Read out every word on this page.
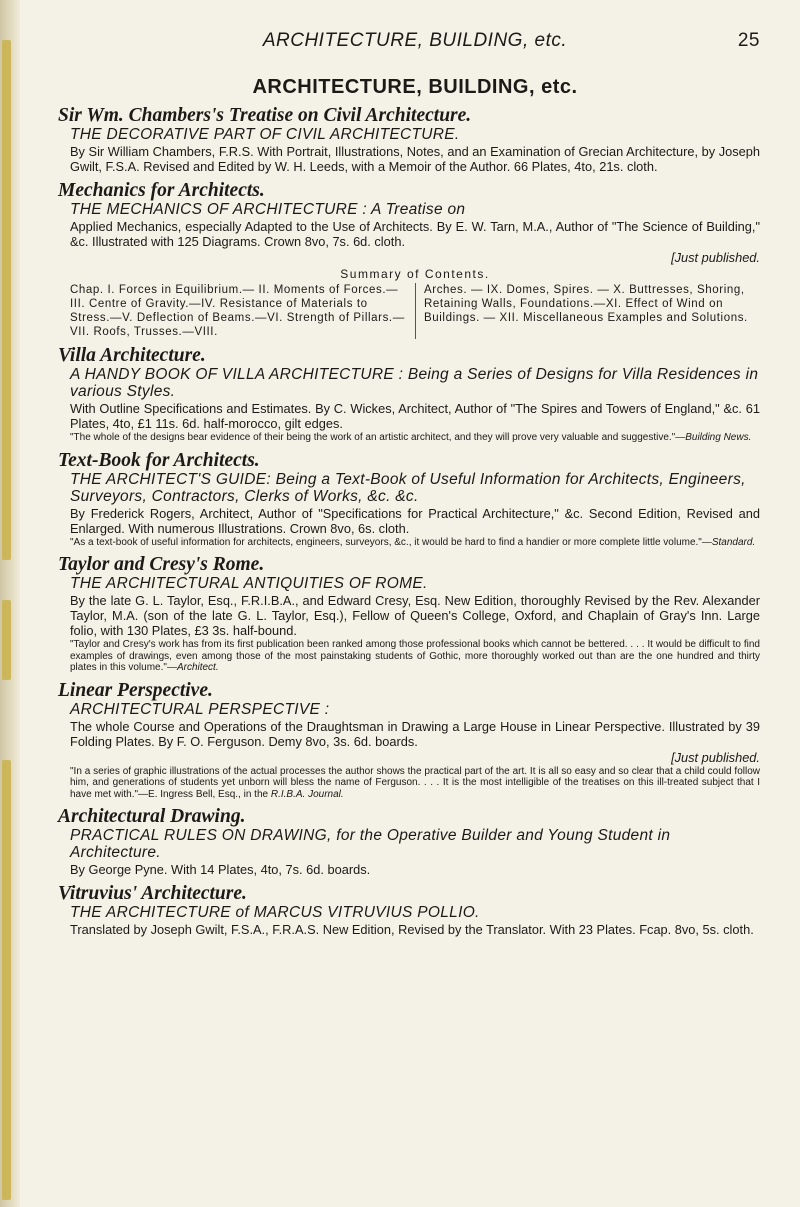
ARCHITECTURE, BUILDING, etc.	25
ARCHITECTURE, BUILDING, etc.
Sir Wm. Chambers's Treatise on Civil Architecture.
THE DECORATIVE PART OF CIVIL ARCHITECTURE.
By Sir William Chambers, F.R.S. With Portrait, Illustrations, Notes, and an Examination of Grecian Architecture, by Joseph Gwilt, F.S.A. Revised and Edited by W. H. Leeds, with a Memoir of the Author. 66 Plates, 4to, 21s. cloth.
Mechanics for Architects.
THE MECHANICS OF ARCHITECTURE : A Treatise on
Applied Mechanics, especially Adapted to the Use of Architects. By E. W. Tarn, M.A., Author of "The Science of Building," &c. Illustrated with 125 Diagrams. Crown 8vo, 7s. 6d. cloth.
[Just published.
Summary of Contents.
Chap. I. Forces in Equilibrium.— II. Moments of Forces.—III. Centre of Gravity.—IV. Resistance of Materials to Stress.—V. Deflection of Beams.—VI. Strength of Pillars.—VII. Roofs, Trusses.—VIII.
Arches. — IX. Domes, Spires. — X. Buttresses, Shoring, Retaining Walls, Foundations.—XI. Effect of Wind on Buildings. — XII. Miscellaneous Examples and Solutions.
Villa Architecture.
A HANDY BOOK OF VILLA ARCHITECTURE : Being a Series of Designs for Villa Residences in various Styles.
With Outline Specifications and Estimates. By C. Wickes, Architect, Author of "The Spires and Towers of England," &c. 61 Plates, 4to, £1 11s. 6d. half-morocco, gilt edges.
"The whole of the designs bear evidence of their being the work of an artistic architect, and they will prove very valuable and suggestive."—Building News.
Text-Book for Architects.
THE ARCHITECT'S GUIDE: Being a Text-Book of Useful Information for Architects, Engineers, Surveyors, Contractors, Clerks of Works, &c. &c.
By Frederick Rogers, Architect, Author of "Specifications for Practical Architecture," &c. Second Edition, Revised and Enlarged. With numerous Illustrations. Crown 8vo, 6s. cloth.
"As a text-book of useful information for architects, engineers, surveyors, &c., it would be hard to find a handier or more complete little volume."—Standard.
Taylor and Cresy's Rome.
THE ARCHITECTURAL ANTIQUITIES OF ROME.
By the late G. L. Taylor, Esq., F.R.I.B.A., and Edward Cresy, Esq. New Edition, thoroughly Revised by the Rev. Alexander Taylor, M.A. (son of the late G. L. Taylor, Esq.), Fellow of Queen's College, Oxford, and Chaplain of Gray's Inn. Large folio, with 130 Plates, £3 3s. half-bound.
"Taylor and Cresy's work has from its first publication been ranked among those professional books which cannot be bettered. . . . It would be difficult to find examples of drawings, even among those of the most painstaking students of Gothic, more thoroughly worked out than are the one hundred and thirty plates in this volume."—Architect.
Linear Perspective.
ARCHITECTURAL PERSPECTIVE :
The whole Course and Operations of the Draughtsman in Drawing a Large House in Linear Perspective. Illustrated by 39 Folding Plates. By F. O. Ferguson. Demy 8vo, 3s. 6d. boards.
[Just published.
"In a series of graphic illustrations of the actual processes the author shows the practical part of the art. It is all so easy and so clear that a child could follow him, and generations of students yet unborn will bless the name of Ferguson. . . . It is the most intelligible of the treatises on this ill-treated subject that I have met with."—E. Ingress Bell, Esq., in the R.I.B.A. Journal.
Architectural Drawing.
PRACTICAL RULES ON DRAWING, for the Operative Builder and Young Student in Architecture.
By George Pyne. With 14 Plates, 4to, 7s. 6d. boards.
Vitruvius' Architecture.
THE ARCHITECTURE of MARCUS VITRUVIUS POLLIO.
Translated by Joseph Gwilt, F.S.A., F.R.A.S. New Edition, Revised by the Translator. With 23 Plates. Fcap. 8vo, 5s. cloth.
